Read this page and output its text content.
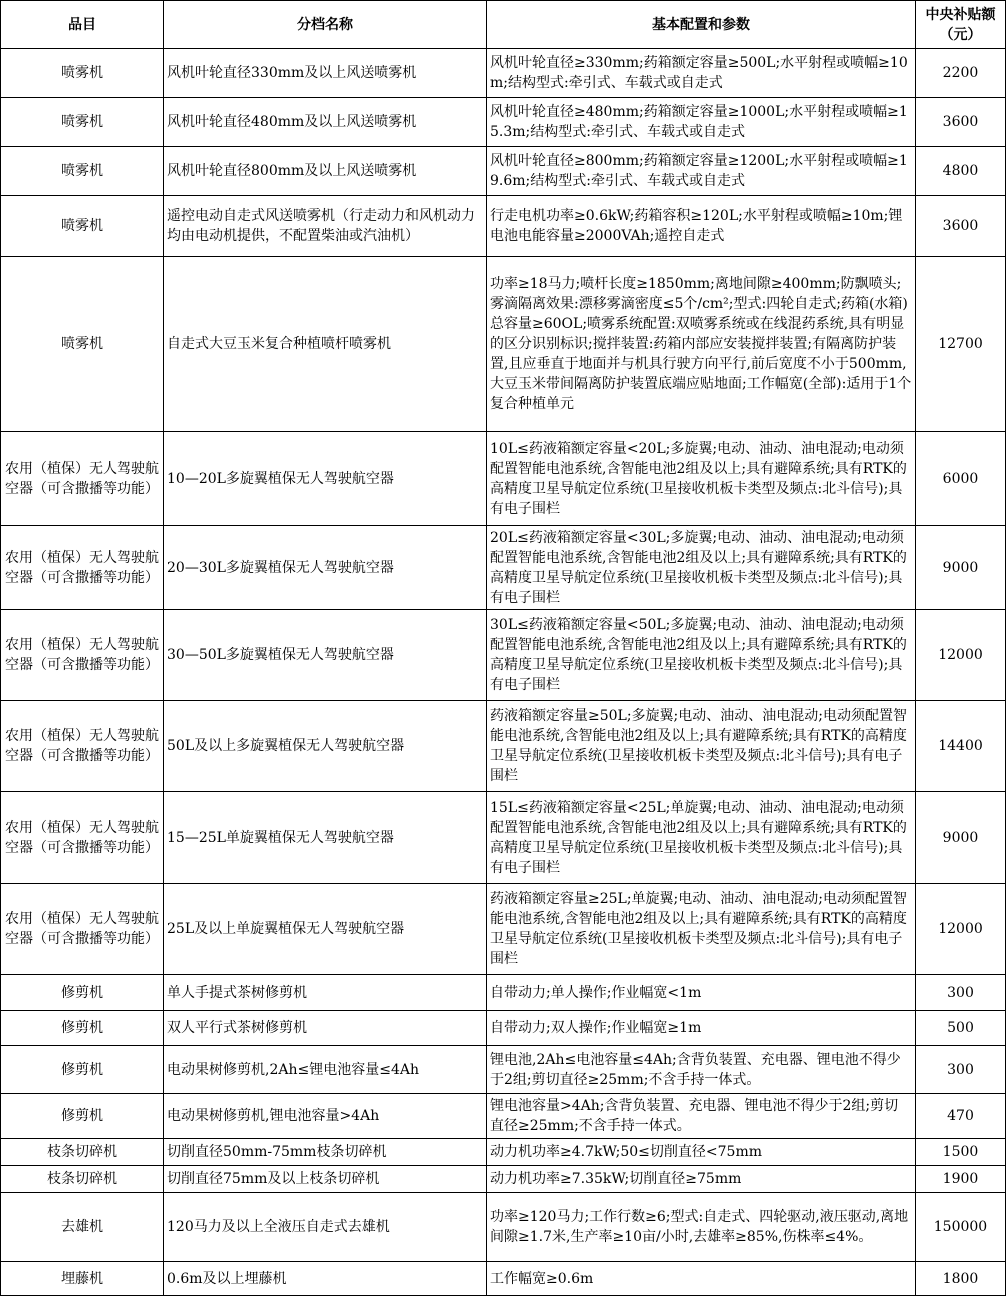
品目	分档名称	基本配置和参数	中央补贴额（元）
喷雾机	风机叶轮直径330mm及以上风送喷雾机	风机叶轮直径≥330mm;药箱额定容量≥500L;水平射程或喷幅≥10m;结构型式:牵引式、车载式或自走式	2200
喷雾机	风机叶轮直径480mm及以上风送喷雾机	风机叶轮直径≥480mm;药箱额定容量≥1000L;水平射程或喷幅≥15.3m;结构型式:牵引式、车载式或自走式	3600
喷雾机	风机叶轮直径800mm及以上风送喷雾机	风机叶轮直径≥800mm;药箱额定容量≥1200L;水平射程或喷幅≥19.6m;结构型式:牵引式、车载式或自走式	4800
喷雾机	遥控电动自走式风送喷雾机（行走动力和风机动力均由电动机提供，不配置柴油或汽油机）	行走电机功率≥0.6kW;药箱容积≥120L;水平射程或喷幅≥10m;锂电池电能容量≥2000VAh;遥控自走式	3600
喷雾机	自走式大豆玉米复合种植喷杆喷雾机	功率≥18马力;喷杆长度≥1850mm;离地间隙≥400mm;防飘喷头;雾滴隔离效果:漂移雾滴密度≤5个/cm²;型式:四轮自走式;药箱(水箱)总容量≥60OL;喷雾系统配置:双喷雾系统或在线混药系统,具有明显的区分识别标识;搅拌装置:药箱内部应安装搅拌装置;有隔离防护装置,且应垂直于地面并与机具行驶方向平行,前后宽度不小于500mm,大豆玉米带间隔离防护装置底端应贴地面;工作幅宽(全部):适用于1个复合种植单元	12700
农用（植保）无人驾驶航空器（可含撒播等功能）	10—20L多旋翼植保无人驾驶航空器	10L≤药液箱额定容量<20L;多旋翼;电动、油动、油电混动;电动须配置智能电池系统,含智能电池2组及以上;具有避障系统;具有RTK的高精度卫星导航定位系统(卫星接收机板卡类型及频点:北斗信号);具有电子围栏	6000
农用（植保）无人驾驶航空器（可含撒播等功能）	20—30L多旋翼植保无人驾驶航空器	20L≤药液箱额定容量<30L;多旋翼;电动、油动、油电混动;电动须配置智能电池系统,含智能电池2组及以上;具有避障系统;具有RTK的高精度卫星导航定位系统(卫星接收机板卡类型及频点:北斗信号);具有电子围栏	9000
农用（植保）无人驾驶航空器（可含撒播等功能）	30—50L多旋翼植保无人驾驶航空器	30L≤药液箱额定容量<50L;多旋翼;电动、油动、油电混动;电动须配置智能电池系统,含智能电池2组及以上;具有避障系统;具有RTK的高精度卫星导航定位系统(卫星接收机板卡类型及频点:北斗信号);具有电子围栏	12000
农用（植保）无人驾驶航空器（可含撒播等功能）	50L及以上多旋翼植保无人驾驶航空器	药液箱额定容量≥50L;多旋翼;电动、油动、油电混动;电动须配置智能电池系统,含智能电池2组及以上;具有避障系统;具有RTK的高精度卫星导航定位系统(卫星接收机板卡类型及频点:北斗信号);具有电子围栏	14400
农用（植保）无人驾驶航空器（可含撒播等功能）	15—25L单旋翼植保无人驾驶航空器	15L≤药液箱额定容量<25L;单旋翼;电动、油动、油电混动;电动须配置智能电池系统,含智能电池2组及以上;具有避障系统;具有RTK的高精度卫星导航定位系统(卫星接收机板卡类型及频点:北斗信号);具有电子围栏	9000
农用（植保）无人驾驶航空器（可含撒播等功能）	25L及以上单旋翼植保无人驾驶航空器	药液箱额定容量≥25L;单旋翼;电动、油动、油电混动;电动须配置智能电池系统,含智能电池2组及以上;具有避障系统;具有RTK的高精度卫星导航定位系统(卫星接收机板卡类型及频点:北斗信号);具有电子围栏	12000
修剪机	单人手提式茶树修剪机	自带动力;单人操作;作业幅宽<1m	300
修剪机	双人平行式茶树修剪机	自带动力;双人操作;作业幅宽≥1m	500
修剪机	电动果树修剪机,2Ah≤锂电池容量≤4Ah	锂电池,2Ah≤电池容量≤4Ah;含背负装置、充电器、锂电池不得少于2组;剪切直径≥25mm;不含手持一体式。	300
修剪机	电动果树修剪机,锂电池容量>4Ah	锂电池容量>4Ah;含背负装置、充电器、锂电池不得少于2组;剪切直径≥25mm;不含手持一体式。	470
枝条切碎机	切削直径50mm-75mm枝条切碎机	动力机功率≥4.7kW;50≤切削直径<75mm	1500
枝条切碎机	切削直径75mm及以上枝条切碎机	动力机功率≥7.35kW;切削直径≥75mm	1900
去雄机	120马力及以上全液压自走式去雄机	功率≥120马力;工作行数≥6;型式:自走式、四轮驱动,液压驱动,离地间隙≥1.7米,生产率≥10亩/小时,去雄率≥85%,伤株率≤4%。	150000
埋藤机	0.6m及以上埋藤机	工作幅宽≥0.6m	1800
